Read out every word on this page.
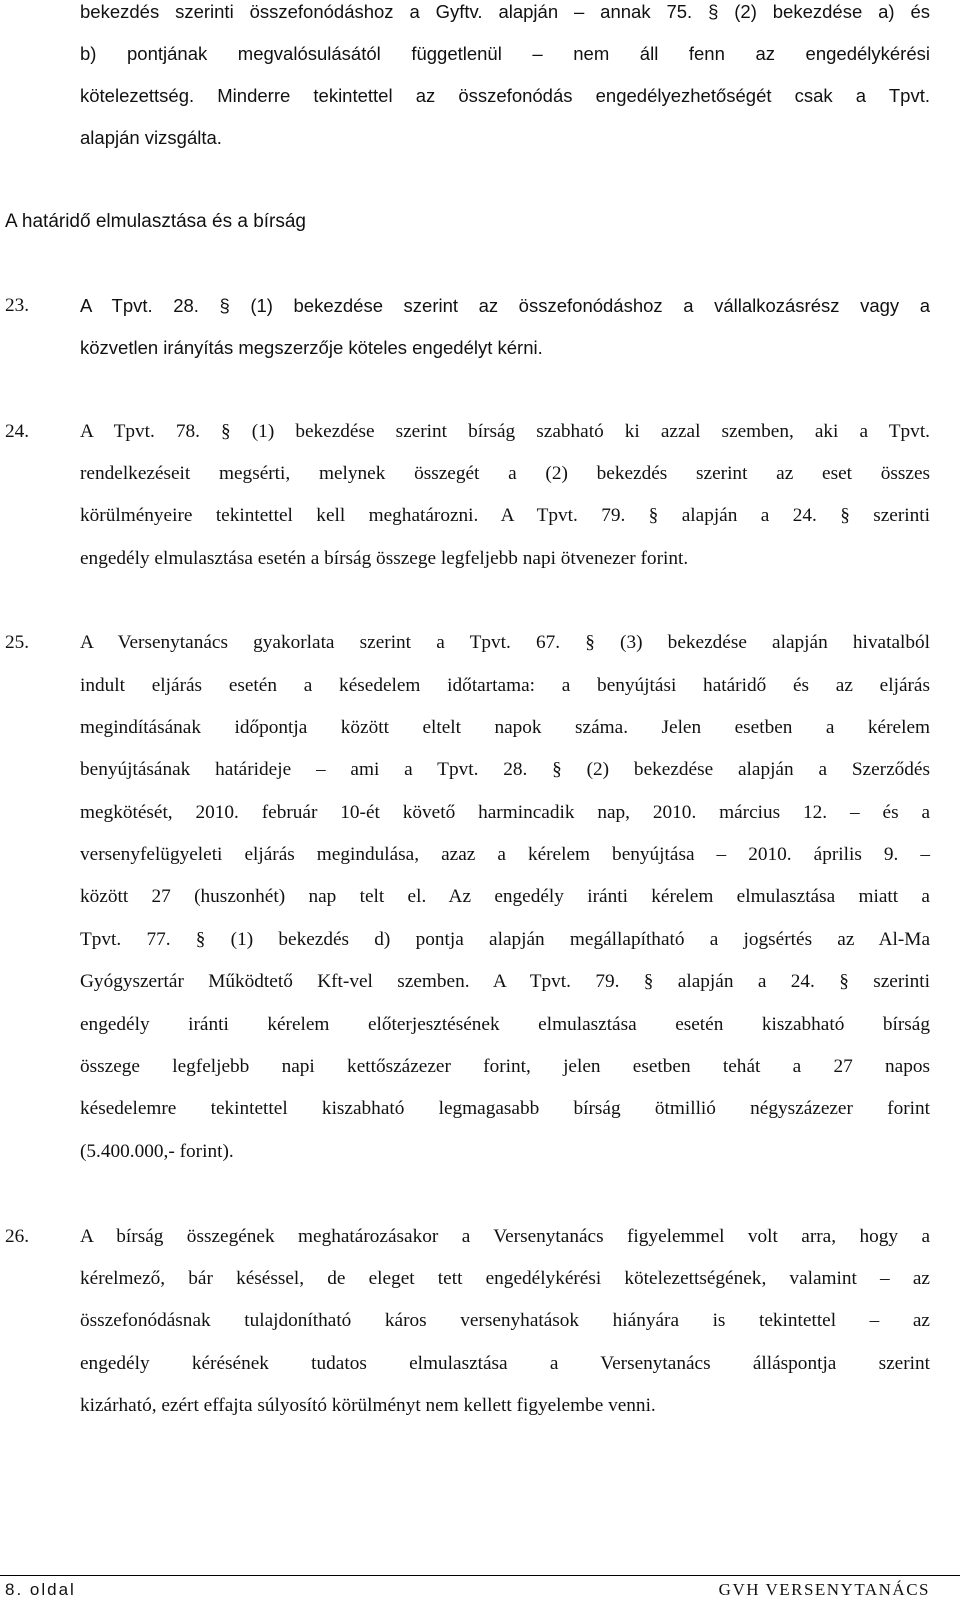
bekezdés szerinti összefonódáshoz a Gyftv. alapján – annak 75. § (2) bekezdése a) és
b) pontjának megvalósulásától függetlenül – nem áll fenn az engedélykérési
kötelezettség. Minderre tekintettel az összefonódás engedélyezhetőségét csak a Tpvt.
alapján vizsgálta.
A határidő elmulasztása és a bírság
23.	A Tpvt. 28. § (1) bekezdése szerint az összefonódáshoz a vállalkozásrész vagy a
közvetlen irányítás megszerzője köteles engedélyt kérni.
24.	A Tpvt. 78. § (1) bekezdése szerint bírság szabható ki azzal szemben, aki a Tpvt.
rendelkezéseit megsérti, melynek összegét a (2) bekezdés szerint az eset összes
körülményeire tekintettel kell meghatározni. A Tpvt. 79. § alapján a 24. § szerinti
engedély elmulasztása esetén a bírság összege legfeljebb napi ötvenezer forint.
25.	A Versenytanács gyakorlata szerint a Tpvt. 67. § (3) bekezdése alapján hivatalból
indult eljárás esetén a késedelem időtartama: a benyújtási határidő és az eljárás
megindításának időpontja között eltelt napok száma. Jelen esetben a kérelem
benyújtásának határideje – ami a Tpvt. 28. § (2) bekezdése alapján a Szerződés
megkötését, 2010. február 10-ét követő harmincadik nap, 2010. március 12. – és a
versenyfelügyeleti eljárás megindulása, azaz a kérelem benyújtása – 2010. április 9. –
között 27 (huszonhét) nap telt el. Az engedély iránti kérelem elmulasztása miatt a
Tpvt. 77. § (1) bekezdés d) pontja alapján megállapítható a jogsértés az Al-Ma
Gyógyszertár Működtető Kft-vel szemben. A Tpvt. 79. § alapján a 24. § szerinti
engedély iránti kérelem előterjesztésének elmulasztása esetén kiszabható bírság
összege legfeljebb napi kettőszázezer forint, jelen esetben tehát a 27 napos
késedelemre tekintettel kiszabható legmagasabb bírság ötmillió négyszázezer forint
(5.400.000,- forint).
26.	A bírság összegének meghatározásakor a Versenytanács figyelemmel volt arra, hogy a
kérelmező, bár késéssel, de eleget tett engedélykérési kötelezettségének, valamint – az
összefonódásnak tulajdonítható káros versenyhatások hiányára is tekintettel – az
engedély kérésének tudatos elmulasztása a Versenytanács álláspontja szerint
kizárható, ezért effajta súlyosító körülményt nem kellett figyelembe venni.
8. oldal	GVH VERSENYTANÁCS
